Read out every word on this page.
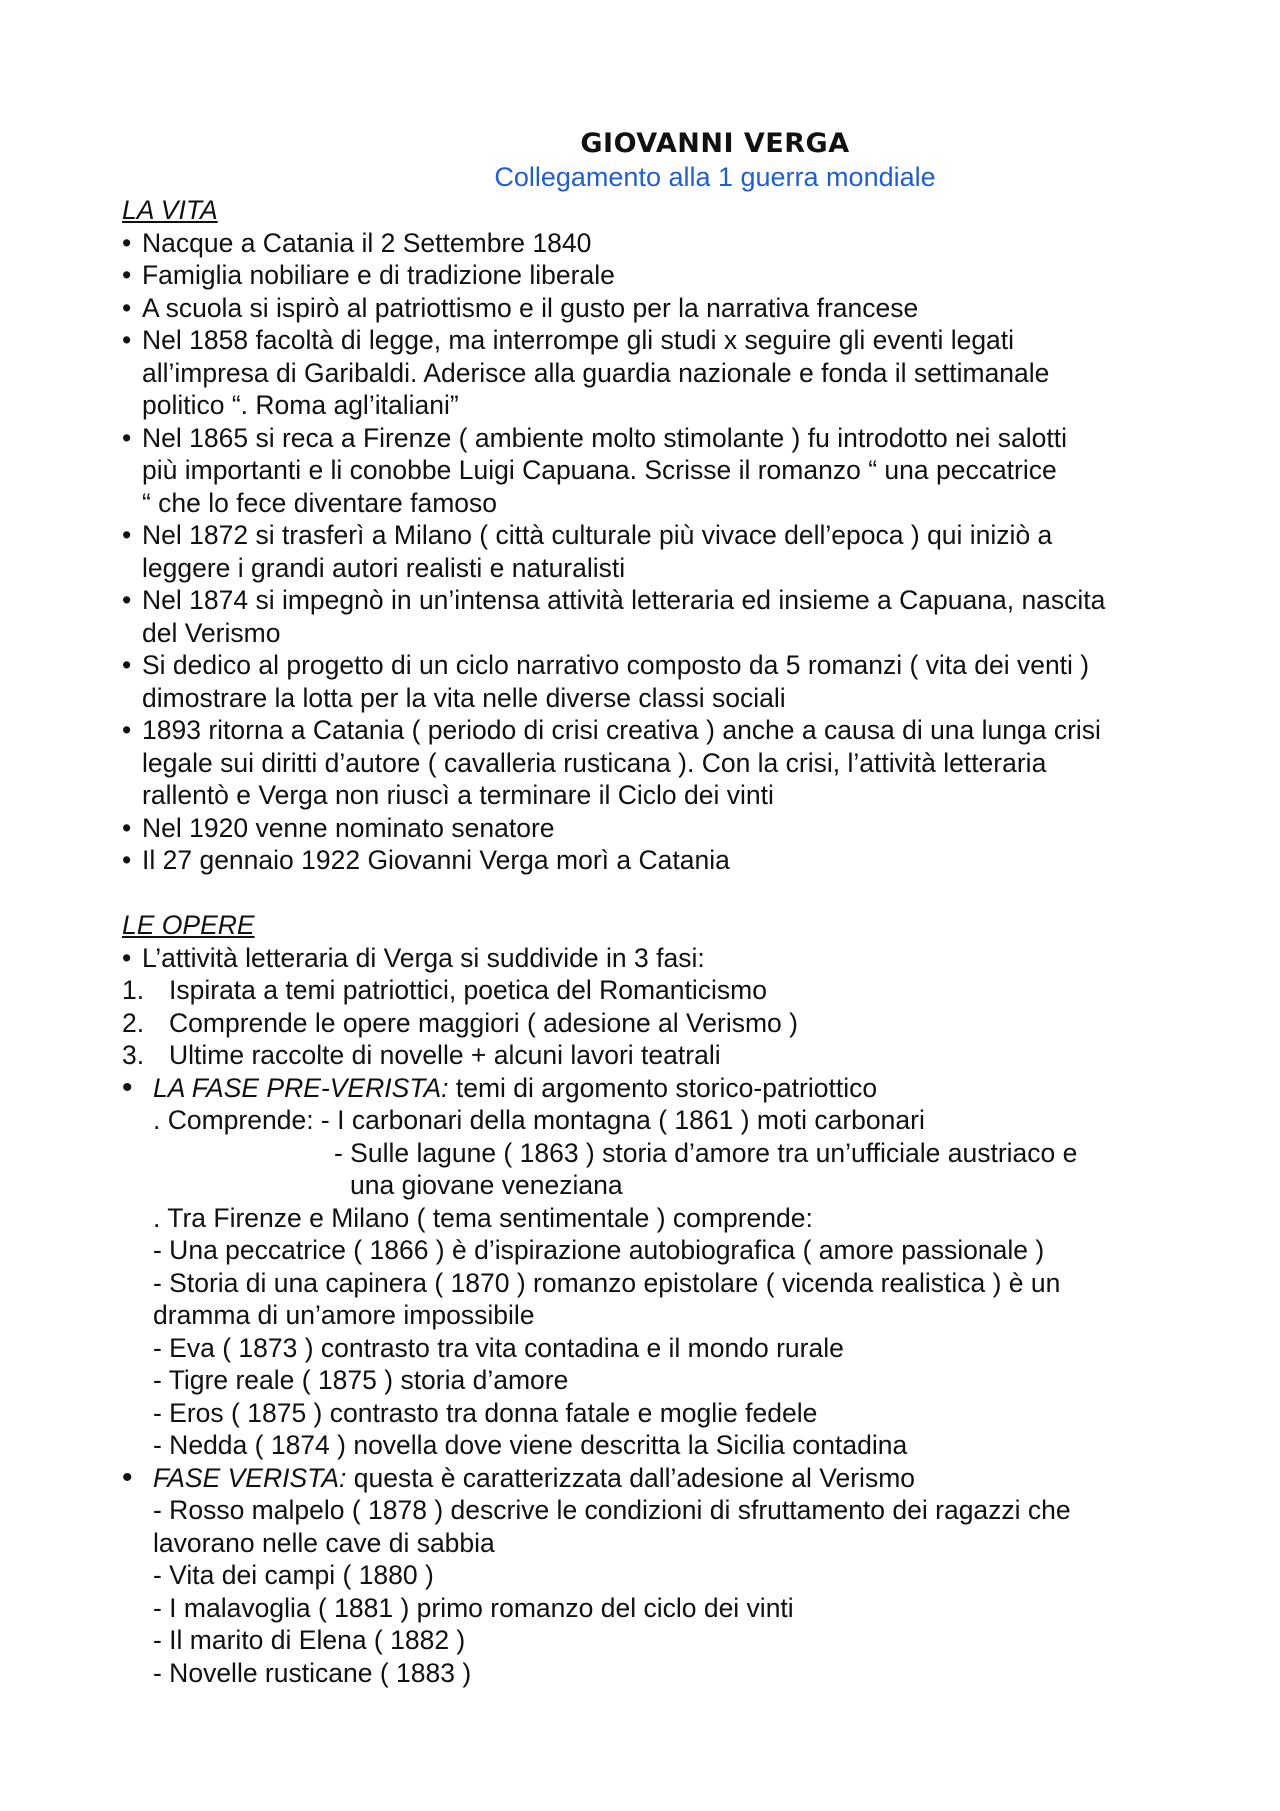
GIOVANNI VERGA
Collegamento alla 1 guerra mondiale
LA VITA
• Nacque a Catania il 2 Settembre 1840
• Famiglia nobiliare e di tradizione liberale
• A scuola si ispirò al patriottismo e il gusto per la narrativa francese
• Nel 1858 facoltà di legge, ma interrompe gli studi x seguire gli eventi legati
all’impresa di Garibaldi. Aderisce alla guardia nazionale e fonda il settimanale
politico “. Roma agl’italiani”
• Nel 1865 si reca a Firenze ( ambiente molto stimolante ) fu introdotto nei salotti
più importanti e li conobbe Luigi Capuana. Scrisse il romanzo “ una peccatrice
“ che lo fece diventare famoso
• Nel 1872 si trasferì a Milano ( città culturale più vivace dell’epoca ) qui iniziò a
leggere i grandi autori realisti e naturalisti
• Nel 1874 si impegnò in un’intensa attività letteraria ed insieme a Capuana, nascita
del Verismo
• Si dedico al progetto di un ciclo narrativo composto da 5 romanzi ( vita dei venti )
dimostrare la lotta per la vita nelle diverse classi sociali
• 1893 ritorna a Catania ( periodo di crisi creativa ) anche a causa di una lunga crisi
legale sui diritti d’autore ( cavalleria rusticana ). Con la crisi, l’attività letteraria
rallentò e Verga non riuscì a terminare il Ciclo dei vinti
• Nel 1920 venne nominato senatore
• Il 27 gennaio 1922 Giovanni Verga morì a Catania
LE OPERE
• L’attività letteraria di Verga si suddivide in 3 fasi:
1. Ispirata a temi patriottici, poetica del Romanticismo
2. Comprende le opere maggiori ( adesione al Verismo )
3. Ultime raccolte di novelle + alcuni lavori teatrali
• LA FASE PRE-VERISTA: temi di argomento storico-patriottico
. Comprende: - I carbonari della montagna ( 1861 ) moti carbonari
- Sulle lagune ( 1863 ) storia d’amore tra un’ufficiale austriaco e
una giovane veneziana
. Tra Firenze e Milano ( tema sentimentale ) comprende:
- Una peccatrice ( 1866 ) è d’ispirazione autobiografica ( amore passionale )
- Storia di una capinera ( 1870 ) romanzo epistolare ( vicenda realistica ) è un
dramma di un’amore impossibile
- Eva ( 1873 ) contrasto tra vita contadina e il mondo rurale
- Tigre reale ( 1875 ) storia d’amore
- Eros ( 1875 ) contrasto tra donna fatale e moglie fedele
- Nedda ( 1874 ) novella dove viene descritta la Sicilia contadina
• FASE VERISTA: questa è caratterizzata dall’adesione al Verismo
- Rosso malpelo ( 1878 ) descrive le condizioni di sfruttamento dei ragazzi che
lavorano nelle cave di sabbia
- Vita dei campi ( 1880 )
- I malavoglia ( 1881 ) primo romanzo del ciclo dei vinti
- Il marito di Elena ( 1882 )
- Novelle rusticane ( 1883 )
